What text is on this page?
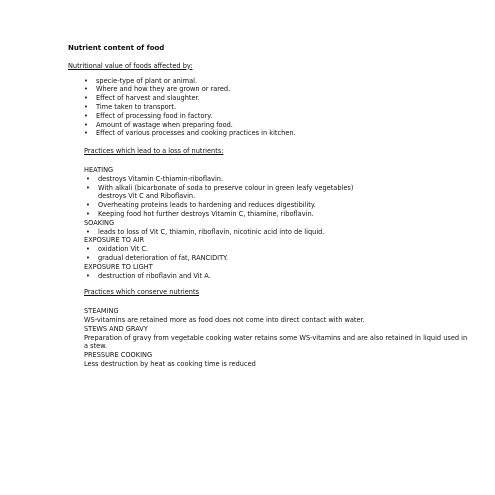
Nutrient content of food
Nutritional value of foods affected by:
• specie-type of plant or animal.
• Where and how they are grown or rared.
• Effect of harvest and slaughter.
• Time taken to transport.
• Effect of processing food in factory.
• Amount of wastage when preparing food.
• Effect of various processes and cooking practices in kitchen.
Practices which lead to a loss of nutrients:
HEATING
• destroys Vitamin C-thiamin-riboflavin.
• With alkali (bicarbonate of soda to preserve colour in green leafy vegetables)
destroys Vit C and Riboflavin.
• Overheating proteins leads to hardening and reduces digestibility.
• Keeping food hot further destroys Vitamin C, thiamine, riboflavin.
SOAKING
• leads to loss of Vit C, thiamin, riboflavin, nicotinic acid into de liquid.
EXPOSURE TO AIR
• oxidation Vit C.
• gradual deterioration of fat, RANCIDITY.
EXPOSURE TO LIGHT
• destruction of riboflavin and Vit A.
Practices which conserve nutrients
STEAMING
WS-vitamins are retained more as food does not come into direct contact with water.
STEWS AND GRAVY
Preparation of gravy from vegetable cooking water retains some WS-vitamins and are also retained in liquid used in a stew.
PRESSURE COOKING
Less destruction by heat as cooking time is reduced
